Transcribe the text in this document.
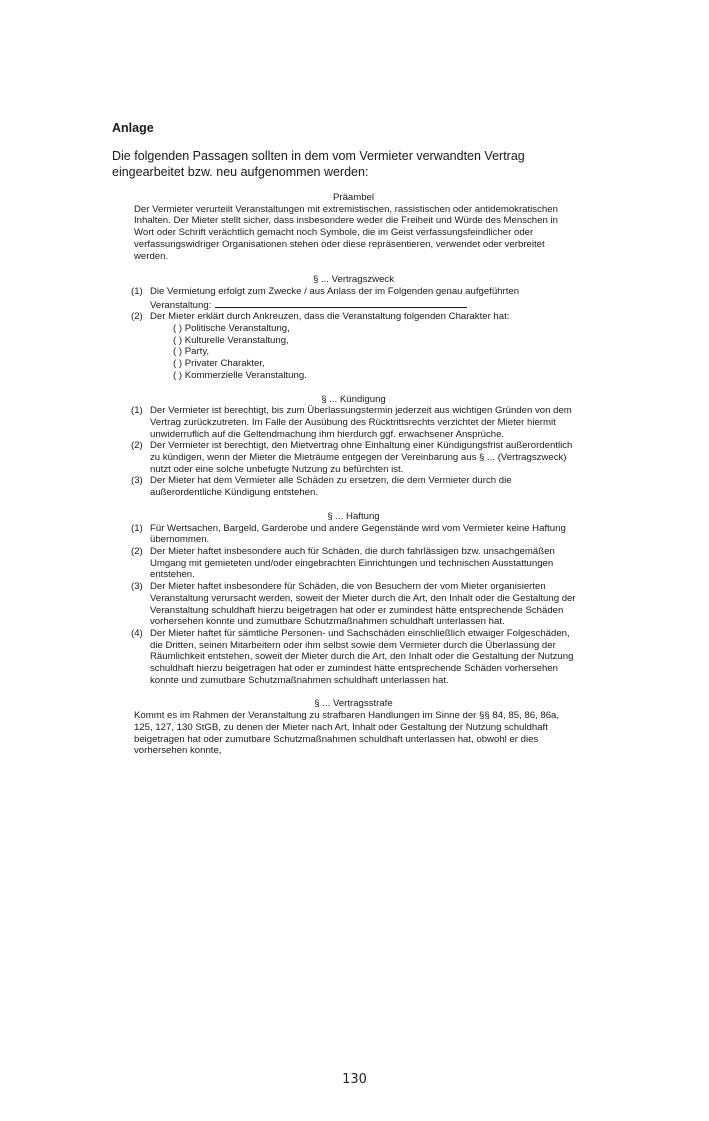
Anlage

Die folgenden Passagen sollten in dem vom Vermieter verwandten Vertrag eingearbeitet bzw. neu aufgenommen werden:

Präambel

Der Vermieter verurteilt Veranstaltungen mit extremistischen, rassistischen oder antidemokratischen Inhalten. Der Mieter stellt sicher, dass insbesondere weder die Freiheit und Würde des Menschen in Wort oder Schrift verächtlich gemacht noch Symbole, die im Geist verfassungsfeindlicher oder verfassungswidriger Organisationen stehen oder diese repräsentieren, verwendet oder verbreitet werden.

§ ... Vertragszweck

(1) Die Vermietung erfolgt zum Zwecke / aus Anlass der im Folgenden genau aufgeführten Veranstaltung:
(2) Der Mieter erklärt durch Ankreuzen, dass die Veranstaltung folgenden Charakter hat:
( ) Politische Veranstaltung,
( ) Kulturelle Veranstaltung,
( ) Party,
( ) Privater Charakter,
( ) Kommerzielle Veranstaltung.

§ ... Kündigung

(1) Der Vermieter ist berechtigt, bis zum Überlassungstermin jederzeit aus wichtigen Gründen von dem Vertrag zurückzutreten. Im Falle der Ausübung des Rücktrittsrechts verzichtet der Mieter hiermit unwiderruflich auf die Geltendmachung ihm hierdurch ggf. erwachsener Ansprüche.
(2) Der Vermieter ist berechtigt, den Mietvertrag ohne Einhaltung einer Kündigungsfrist außerordentlich zu kündigen, wenn der Mieter die Mieträume entgegen der Vereinbarung aus § ... (Vertragszweck) nutzt oder eine solche unbefugte Nutzung zu befürchten ist.
(3) Der Mieter hat dem Vermieter alle Schäden zu ersetzen, die dem Vermieter durch die außerordentliche Kündigung entstehen.

§ ... Haftung

(1) Für Wertsachen, Bargeld, Garderobe und andere Gegenstände wird vom Vermieter keine Haftung übernommen.
(2) Der Mieter haftet insbesondere auch für Schäden, die durch fahrlässigen bzw. unsachgemäßen Umgang mit gemieteten und/oder eingebrachten Einrichtungen und technischen Ausstattungen entstehen.
(3) Der Mieter haftet insbesondere für Schäden, die von Besuchern der vom Mieter organisierten Veranstaltung verursacht werden, soweit der Mieter durch die Art, den Inhalt oder die Gestaltung der Veranstaltung schuldhaft hierzu beigetragen hat oder er zumindest hätte entsprechende Schäden vorhersehen konnte und zumutbare Schutzmaßnahmen schuldhaft unterlassen hat.
(4) Der Mieter haftet für sämtliche Personen- und Sachschäden einschließlich etwaiger Folgeschäden, die Dritten, seinen Mitarbeitern oder ihm selbst sowie dem Vermieter durch die Überlassung der Räumlichkeit entstehen, soweit der Mieter durch die Art, den Inhalt oder die Gestaltung der Nutzung schuldhaft hierzu beigetragen hat oder er zumindest hätte entsprechende Schäden vorhersehen konnte und zumutbare Schutzmaßnahmen schuldhaft unterlassen hat.

§ ... Vertragsstrafe

Kommt es im Rahmen der Veranstaltung zu strafbaren Handlungen im Sinne der §§ 84, 85, 86, 86a, 125, 127, 130 StGB, zu denen der Mieter nach Art, Inhalt oder Gestaltung der Nutzung schuldhaft beigetragen hat oder zumutbare Schutzmaßnahmen schuldhaft unterlassen hat, obwohl er dies vorhersehen konnte,

130
